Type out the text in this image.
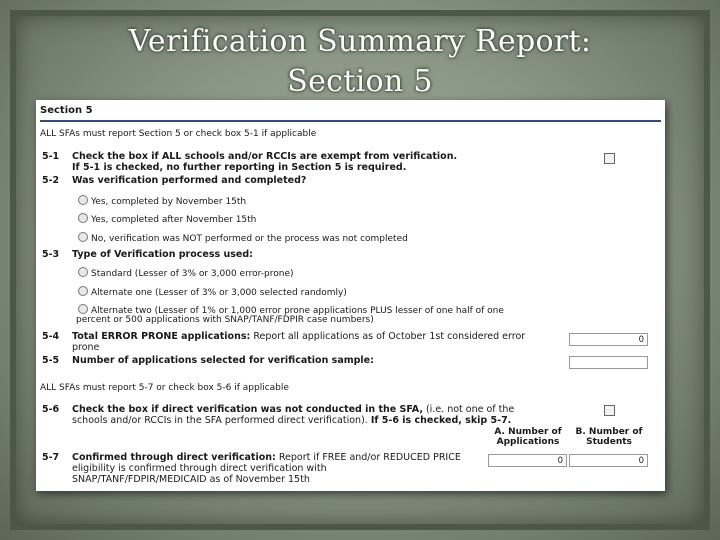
Verification Summary Report:
Section 5
Section 5
ALL SFAs must report Section 5 or check box 5-1 if applicable
5-1 Check the box if ALL schools and/or RCCIs are exempt from verification.
If 5-1 is checked, no further reporting in Section 5 is required.
5-2 Was verification performed and completed?
Yes, completed by November 15th
Yes, completed after November 15th
No, verification was NOT performed or the process was not completed
5-3 Type of Verification process used:
Standard (Lesser of 3% or 3,000 error-prone)
Alternate one (Lesser of 3% or 3,000 selected randomly)
Alternate two (Lesser of 1% or 1,000 error prone applications PLUS lesser of one half of one
percent or 500 applications with SNAP/TANF/FDPIR case numbers)
5-4 Total ERROR PRONE applications: Report all applications as of October 1st considered error
prone
0
5-5 Number of applications selected for verification sample:
ALL SFAs must report 5-7 or check box 5-6 if applicable
5-6 Check the box if direct verification was not conducted in the SFA, (i.e. not one of the
schools and/or RCCIs in the SFA performed direct verification). If 5-6 is checked, skip 5-7.
A. Number of
Applications
B. Number of
Students
5-7 Confirmed through direct verification: Report if FREE and/or REDUCED PRICE
eligibility is confirmed through direct verification with
SNAP/TANF/FDPIR/MEDICAID as of November 15th
0	0
